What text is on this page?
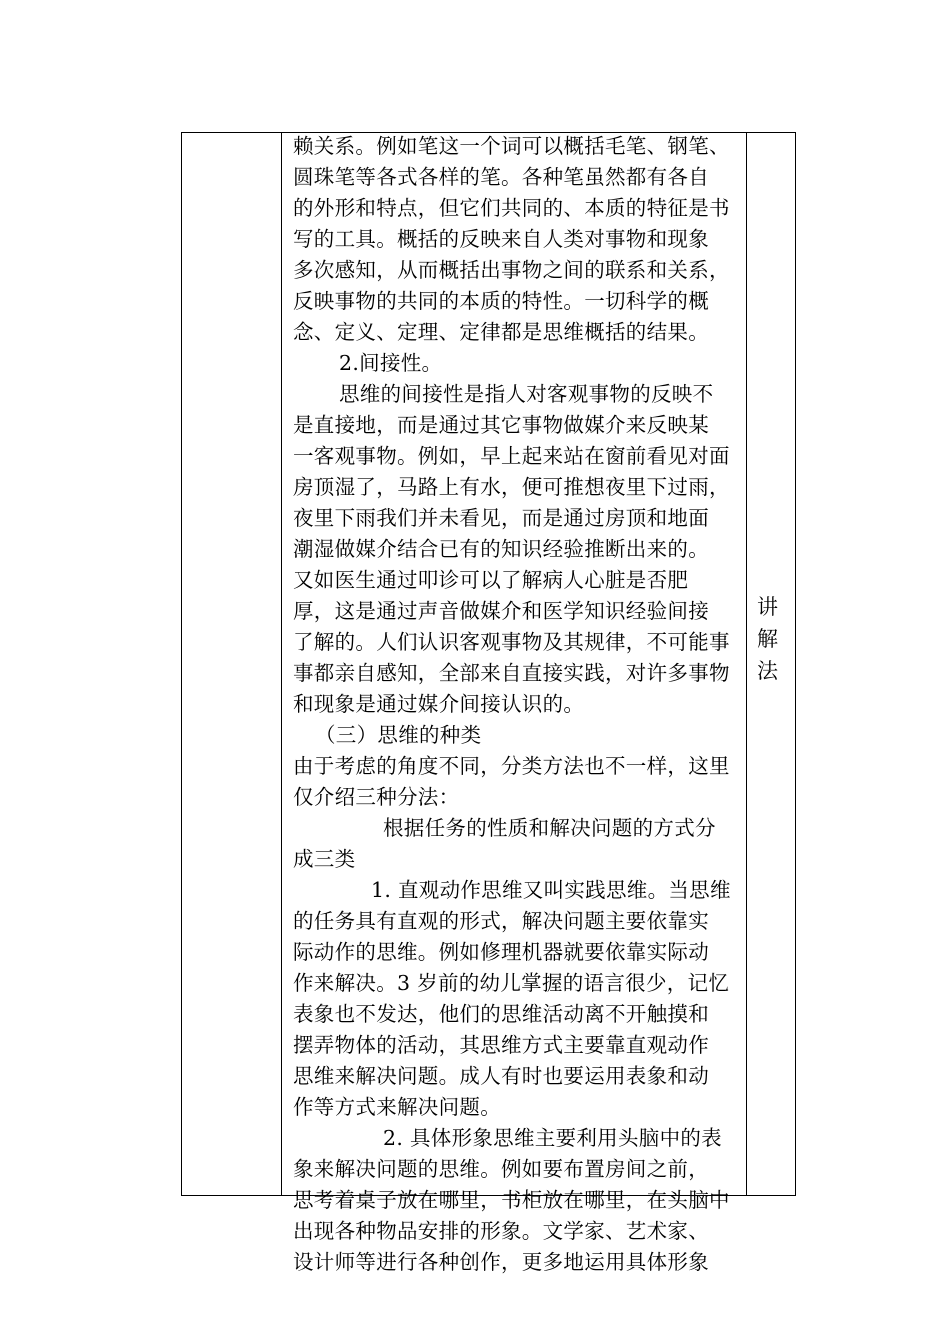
赖关系。例如笔这一个词可以概括毛笔、钢笔、
圆珠笔等各式各样的笔。各种笔虽然都有各自
的外形和特点，但它们共同的、本质的特征是书
写的工具。概括的反映来自人类对事物和现象
多次感知，从而概括出事物之间的联系和关系，
反映事物的共同的本质的特性。一切科学的概
念、定义、定理、定律都是思维概括的结果。
2.间接性。
思维的间接性是指人对客观事物的反映不
是直接地，而是通过其它事物做媒介来反映某
一客观事物。例如，早上起来站在窗前看见对面
房顶湿了，马路上有水，便可推想夜里下过雨，
夜里下雨我们并未看见，而是通过房顶和地面
潮湿做媒介结合已有的知识经验推断出来的。
又如医生通过叩诊可以了解病人心脏是否肥
厚，这是通过声音做媒介和医学知识经验间接
了解的。人们认识客观事物及其规律，不可能事
事都亲自感知，全部来自直接实践，对许多事物
和现象是通过媒介间接认识的。
（三）思维的种类
由于考虑的角度不同，分类方法也不一样，这里
仅介绍三种分法：
根据任务的性质和解决问题的方式分
成三类
1. 直观动作思维又叫实践思维。当思维
的任务具有直观的形式，解决问题主要依靠实
际动作的思维。例如修理机器就要依靠实际动
作来解决。3 岁前的幼儿掌握的语言很少，记忆
表象也不发达，他们的思维活动离不开触摸和
摆弄物体的活动，其思维方式主要靠直观动作
思维来解决问题。成人有时也要运用表象和动
作等方式来解决问题。
2. 具体形象思维主要利用头脑中的表
象来解决问题的思维。例如要布置房间之前，
思考着桌子放在哪里，书柜放在哪里，在头脑中
出现各种物品安排的形象。文学家、艺术家、
设计师等进行各种创作，更多地运用具体形象
讲
解
法
